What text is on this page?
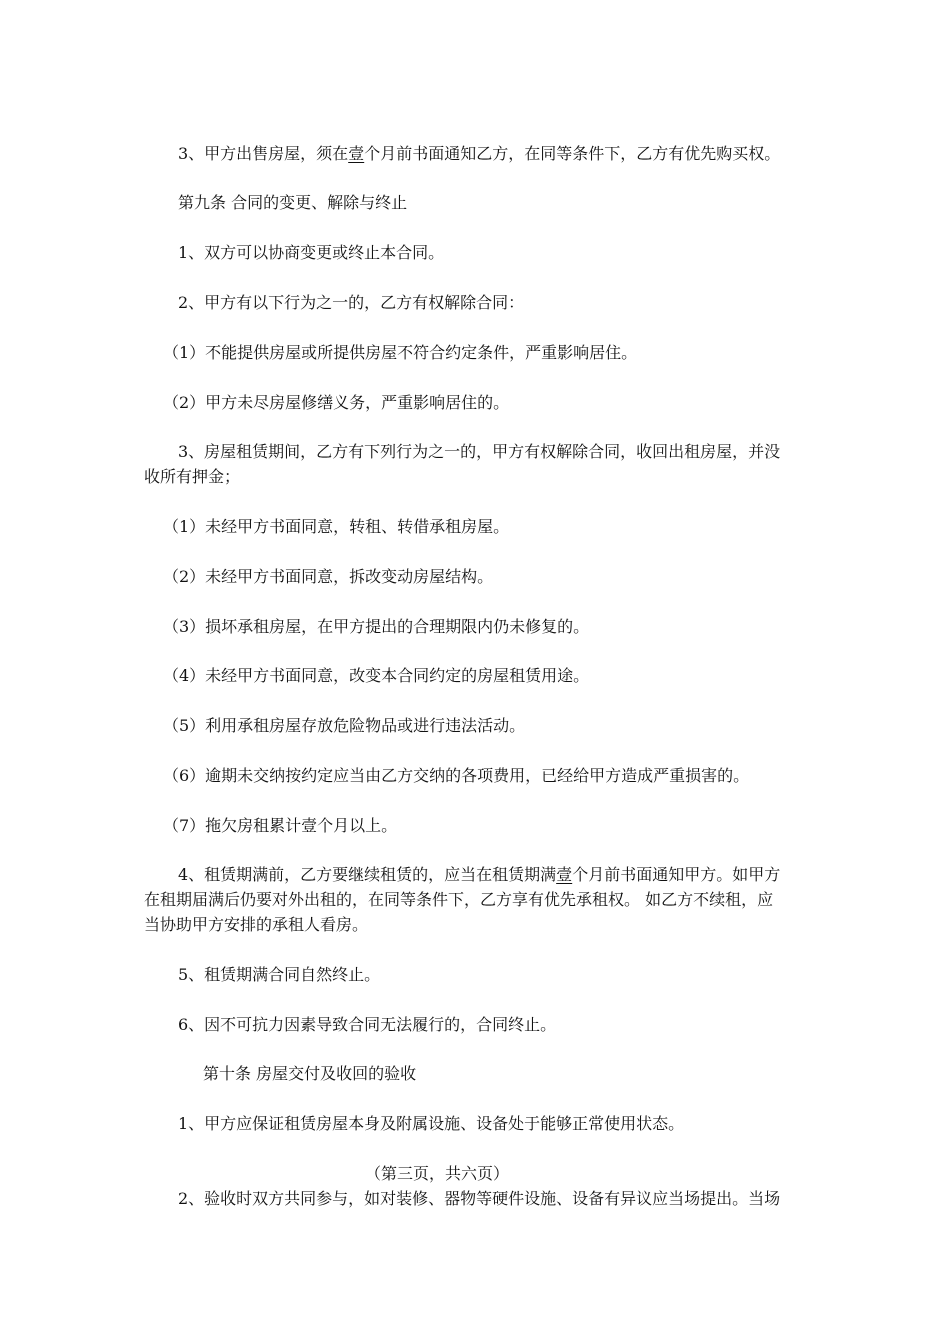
3、甲方出售房屋，须在壹个月前书面通知乙方，在同等条件下，乙方有优先购买权。
第九条 合同的变更、解除与终止
1、双方可以协商变更或终止本合同。
2、甲方有以下行为之一的，乙方有权解除合同：
（1）不能提供房屋或所提供房屋不符合约定条件，严重影响居住。
（2）甲方未尽房屋修缮义务，严重影响居住的。
3、房屋租赁期间，乙方有下列行为之一的，甲方有权解除合同，收回出租房屋，并没
收所有押金；
（1）未经甲方书面同意，转租、转借承租房屋。
（2）未经甲方书面同意，拆改变动房屋结构。
（3）损坏承租房屋，在甲方提出的合理期限内仍未修复的。
（4）未经甲方书面同意，改变本合同约定的房屋租赁用途。
（5）利用承租房屋存放危险物品或进行违法活动。
（6）逾期未交纳按约定应当由乙方交纳的各项费用，已经给甲方造成严重损害的。
（7）拖欠房租累计壹个月以上。
4、租赁期满前，乙方要继续租赁的，应当在租赁期满壹个月前书面通知甲方。如甲方
在租期届满后仍要对外出租的，在同等条件下，乙方享有优先承租权。 如乙方不续租，应
当协助甲方安排的承租人看房。
5、租赁期满合同自然终止。
6、因不可抗力因素导致合同无法履行的，合同终止。
第十条 房屋交付及收回的验收
1、甲方应保证租赁房屋本身及附属设施、设备处于能够正常使用状态。
（第三页，共六页）
2、验收时双方共同参与，如对装修、器物等硬件设施、设备有异议应当场提出。当场
